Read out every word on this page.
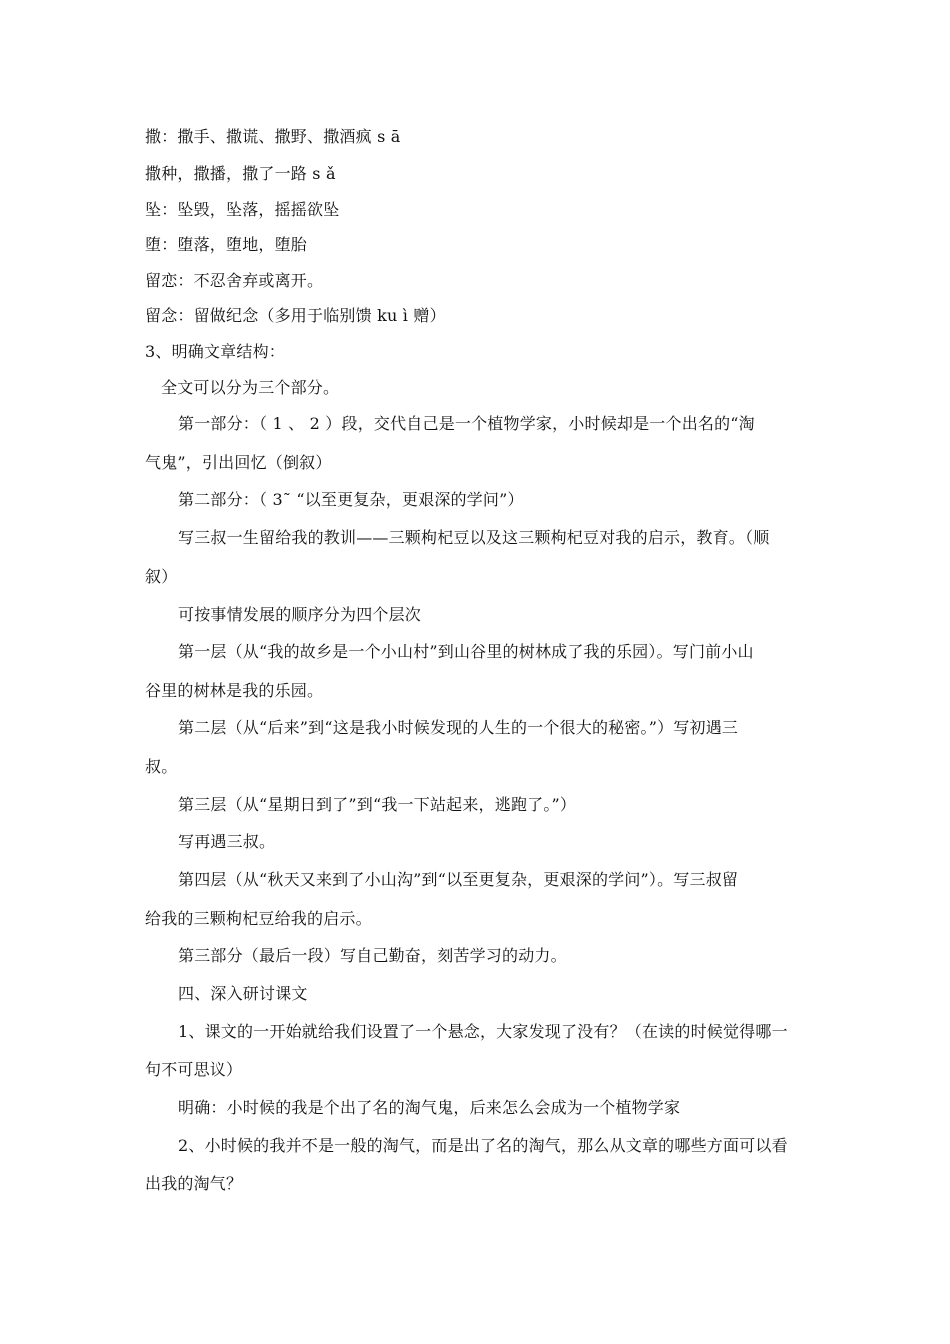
撒：撒手、撒谎、撒野、撒酒疯 s ā
撒种，撒播，撒了一路 s ǎ
坠：坠毁，坠落，摇摇欲坠
堕：堕落，堕地，堕胎
留恋：不忍舍弃或离开。
留念：留做纪念（多用于临别馈 ku ì 赠）
3、明确文章结构：
全文可以分为三个部分。
第一部分：（ 1 、 2 ）段，交代自己是一个植物学家，小时候却是一个出名的“淘
气鬼”，引出回忆（倒叙）
第二部分：（ 3˜ “以至更复杂，更艰深的学问”）
写三叔一生留给我的教训——三颗枸杞豆以及这三颗枸杞豆对我的启示，教育。（顺
叙）
可按事情发展的顺序分为四个层次
第一层（从“我的故乡是一个小山村”到山谷里的树林成了我的乐园）。写门前小山
谷里的树林是我的乐园。
第二层（从“后来”到“这是我小时候发现的人生的一个很大的秘密。”）写初遇三
叔。
第三层（从“星期日到了”到“我一下站起来，逃跑了。”）
写再遇三叔。
第四层（从“秋天又来到了小山沟”到“以至更复杂，更艰深的学问”）。写三叔留
给我的三颗枸杞豆给我的启示。
第三部分（最后一段）写自己勤奋，刻苦学习的动力。
四、深入研讨课文
1、课文的一开始就给我们设置了一个悬念，大家发现了没有？（在读的时候觉得哪一
句不可思议）
明确：小时候的我是个出了名的淘气鬼，后来怎么会成为一个植物学家
2、小时候的我并不是一般的淘气，而是出了名的淘气，那么从文章的哪些方面可以看
出我的淘气？
